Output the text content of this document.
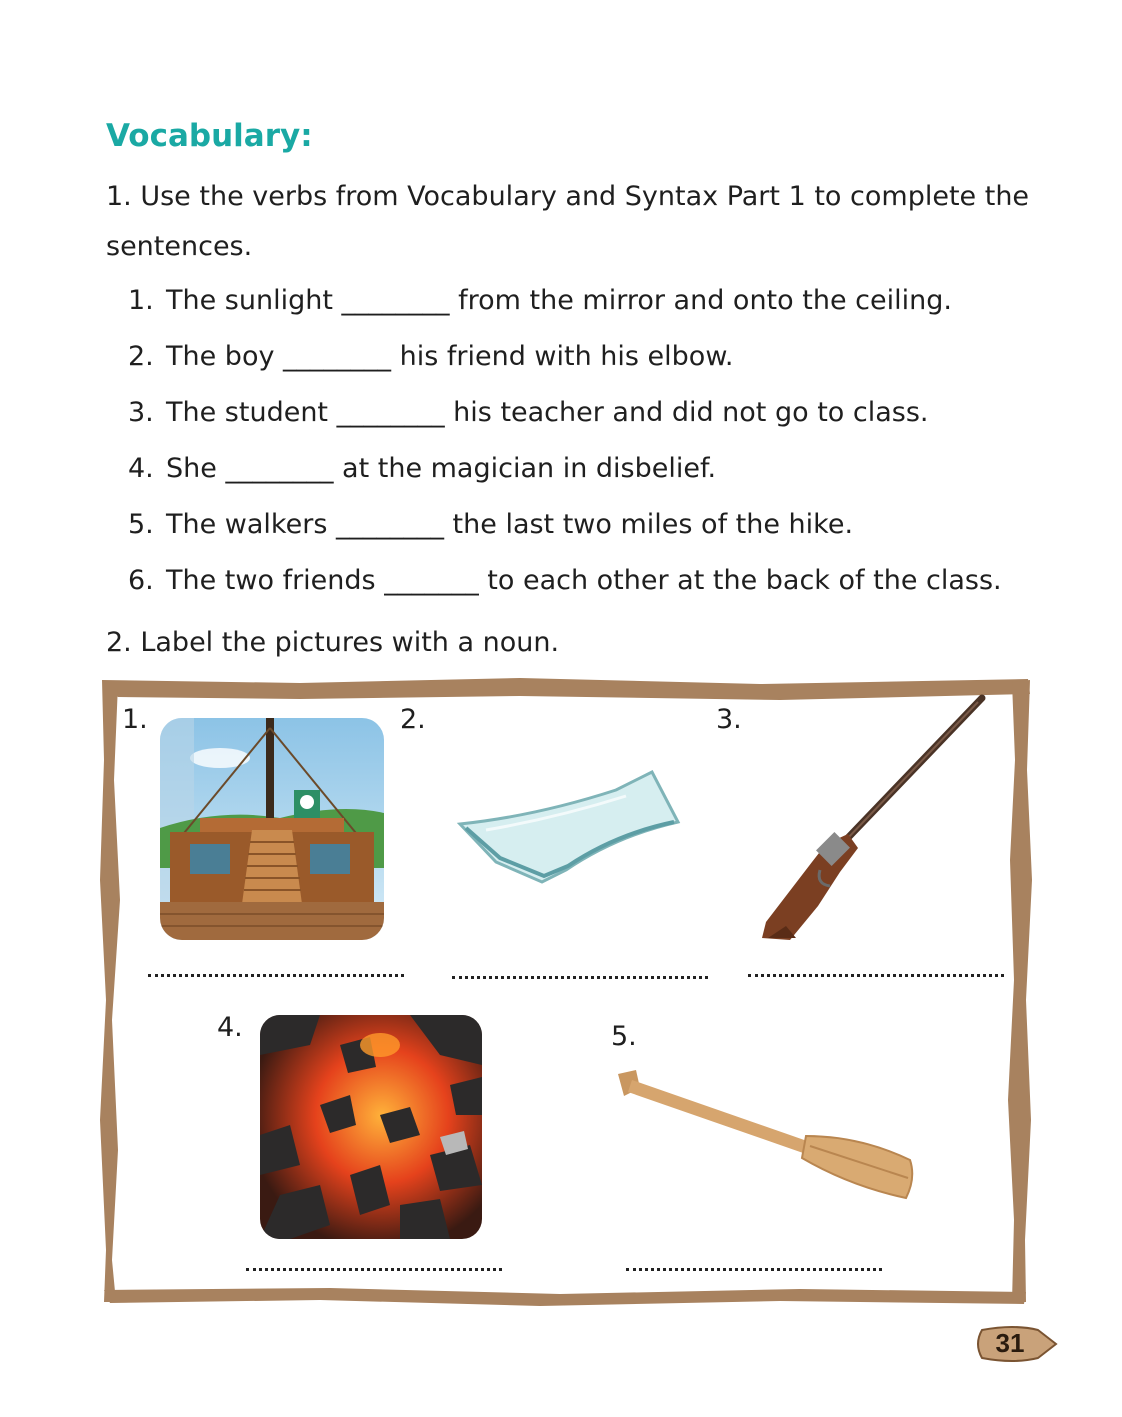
Vocabulary:
1. Use the verbs from Vocabulary and Syntax Part 1 to complete the sentences.
1. The sunlight ________ from the mirror and onto the ceiling.
2. The boy ________ his friend with his elbow.
3. The student ________ his teacher and did not go to class.
4. She ________ at the magician in disbelief.
5. The walkers ________ the last two miles of the hike.
6. The two friends _______ to each other at the back of the class.
2. Label the pictures with a noun.
1.	2.	3.
4.	5.
31
